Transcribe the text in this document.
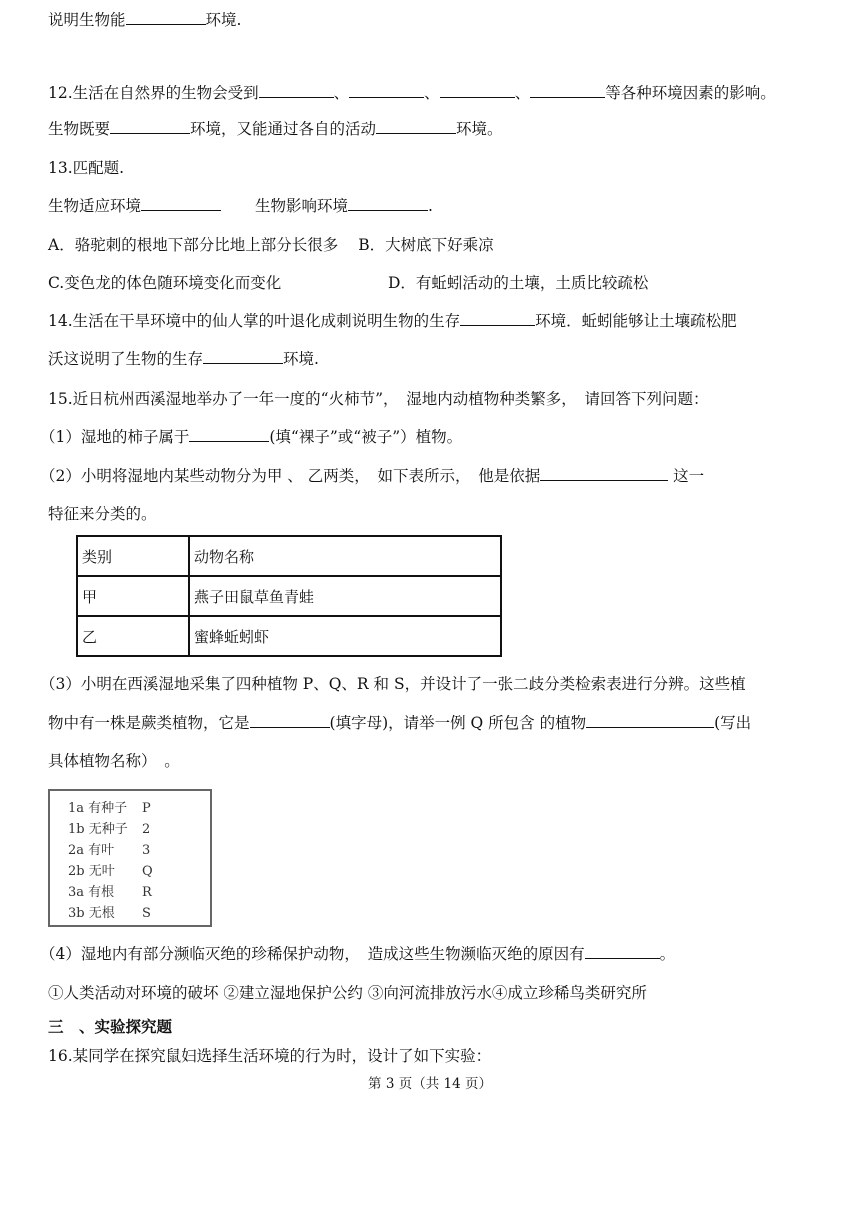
说明生物能	环境.
12.生活在自然界的生物会受到	、	、	、	等各种环境因素的影响。
生物既要	环境，又能通过各自的活动	环境。
13.匹配题.
生物适应环境	生物影响环境	.
A．骆驼刺的根地下部分比地上部分长很多 B．大树底下好乘凉
C.变色龙的体色随环境变化而变化	D．有蚯蚓活动的土壤，土质比较疏松
14.生活在干旱环境中的仙人掌的叶退化成刺说明生物的生存	环境．蚯蚓能够让土壤疏松肥
沃这说明了生物的生存	环境.
15.近日杭州西溪湿地举办了一年一度的“火柿节”，　湿地内动植物种类繁多，　请回答下列问题：
（1）湿地的柿子属于	(填“裸子”或“被子”）植物。
（2）小明将湿地内某些动物分为甲 、 乙两类，　如下表所示，　他是依据	这一
特征来分类的。
类别	动物名称
甲	燕子田鼠草鱼青蛙
乙	蜜蜂蚯蚓虾
（3）小明在西溪湿地采集了四种植物 P、Q、R 和 S，并设计了一张二歧分类检索表进行分辨。这些植
物中有一株是蕨类植物，它是	(填字母)，请举一例 Q 所包含 的植物	(写出
具体植物名称）　。
1a 有种子 P
1b 无种子 2
2a 有叶 3
2b 无叶 Q
3a 有根 R
3b 无根 S
（4）湿地内有部分濒临灭绝的珍稀保护动物，　造成这些生物濒临灭绝的原因有	。
①人类活动对环境的破坏 ②建立湿地保护公约 ③向河流排放污水④成立珍稀鸟类研究所
三　、实验探究题
16.某同学在探究鼠妇选择生活环境的行为时，设计了如下实验：
第 3 页（共 14 页）
